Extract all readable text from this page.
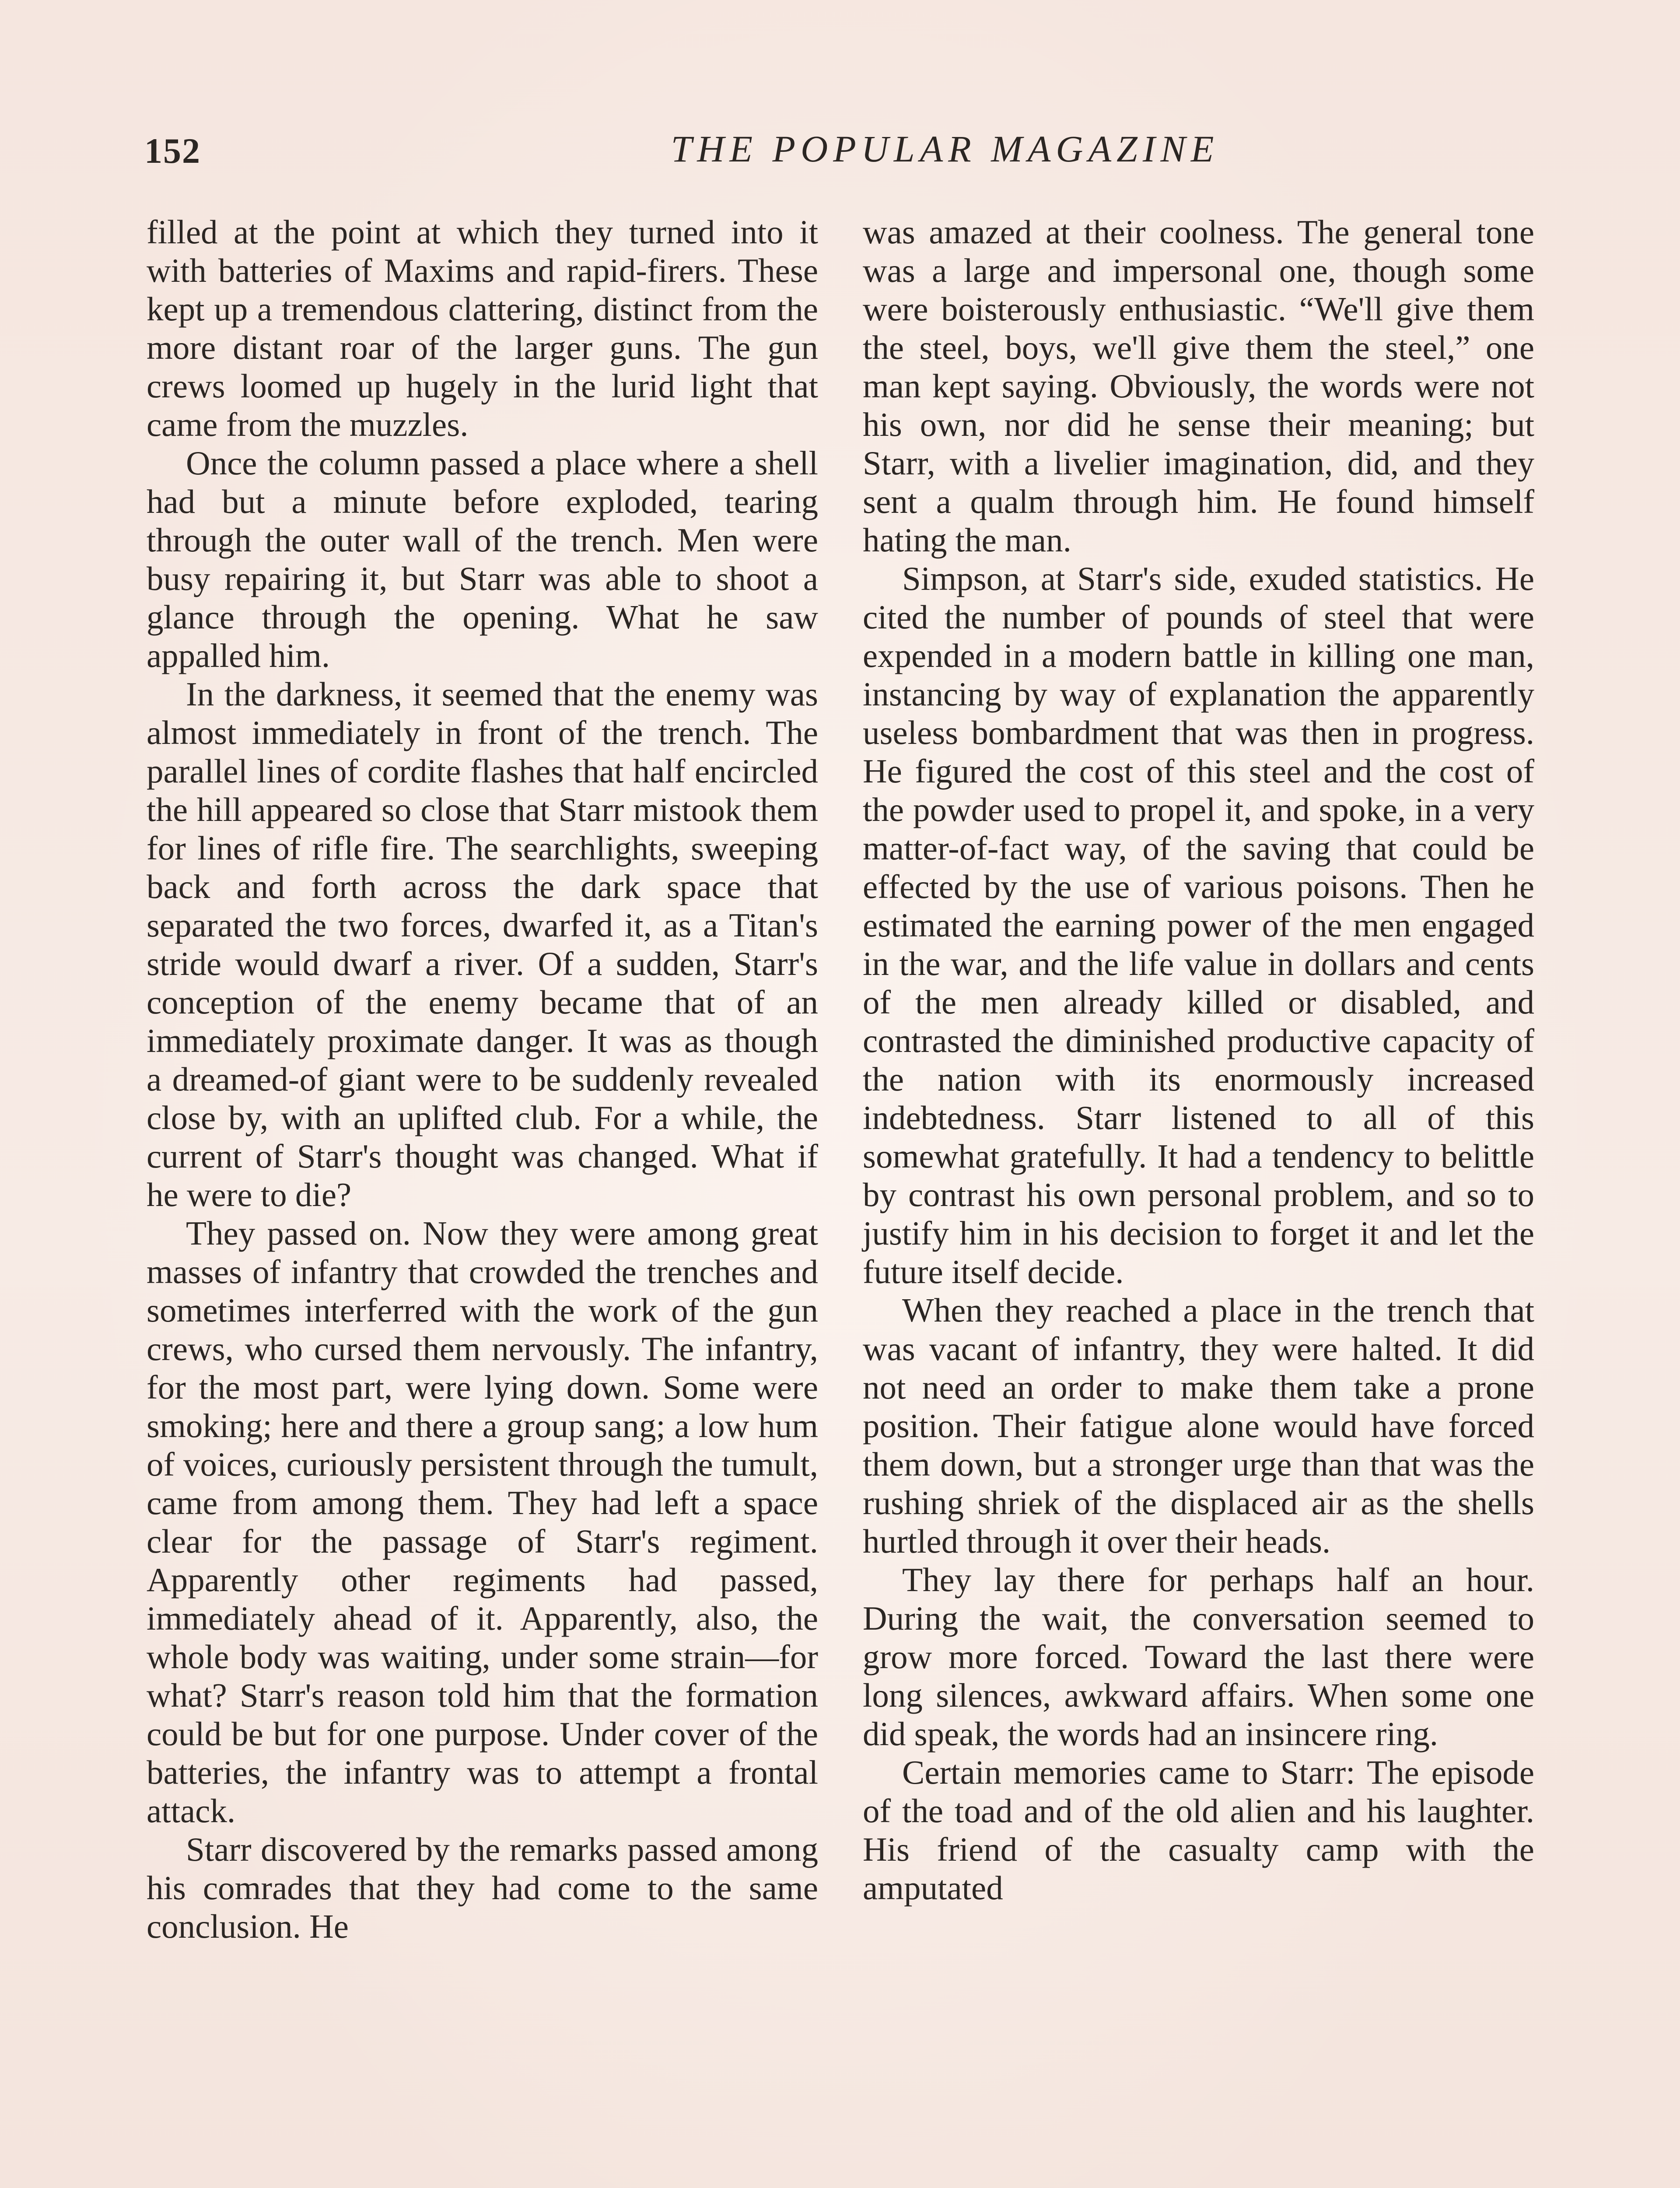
152	THE POPULAR MAGAZINE

filled at the point at which they turned into it with batteries of Maxims and rapid-firers. These kept up a tremendous clattering, distinct from the more distant roar of the larger guns. The gun crews loomed up hugely in the lurid light that came from the muzzles.

Once the column passed a place where a shell had but a minute before exploded, tearing through the outer wall of the trench. Men were busy repairing it, but Starr was able to shoot a glance through the opening. What he saw appalled him.

In the darkness, it seemed that the enemy was almost immediately in front of the trench. The parallel lines of cordite flashes that half encircled the hill appeared so close that Starr mistook them for lines of rifle fire. The searchlights, sweeping back and forth across the dark space that separated the two forces, dwarfed it, as a Titan's stride would dwarf a river. Of a sudden, Starr's conception of the enemy became that of an immediately proximate danger. It was as though a dreamed-of giant were to be suddenly revealed close by, with an uplifted club. For a while, the current of Starr's thought was changed. What if he were to die?

They passed on. Now they were among great masses of infantry that crowded the trenches and sometimes interferred with the work of the gun crews, who cursed them nervously. The infantry, for the most part, were lying down. Some were smoking; here and there a group sang; a low hum of voices, curiously persistent through the tumult, came from among them. They had left a space clear for the passage of Starr's regiment. Apparently other regiments had passed, immediately ahead of it. Apparently, also, the whole body was waiting, under some strain—for what? Starr's reason told him that the formation could be but for one purpose. Under cover of the batteries, the infantry was to attempt a frontal attack.

Starr discovered by the remarks passed among his comrades that they had come to the same conclusion. He

was amazed at their coolness. The general tone was a large and impersonal one, though some were boisterously enthusiastic. “We'll give them the steel, boys, we'll give them the steel,” one man kept saying. Obviously, the words were not his own, nor did he sense their meaning; but Starr, with a livelier imagination, did, and they sent a qualm through him. He found himself hating the man.

Simpson, at Starr's side, exuded statistics. He cited the number of pounds of steel that were expended in a modern battle in killing one man, instancing by way of explanation the apparently useless bombardment that was then in progress. He figured the cost of this steel and the cost of the powder used to propel it, and spoke, in a very matter-of-fact way, of the saving that could be effected by the use of various poisons. Then he estimated the earning power of the men engaged in the war, and the life value in dollars and cents of the men already killed or disabled, and contrasted the diminished productive capacity of the nation with its enormously increased indebtedness. Starr listened to all of this somewhat gratefully. It had a tendency to belittle by contrast his own personal problem, and so to justify him in his decision to forget it and let the future itself decide.

When they reached a place in the trench that was vacant of infantry, they were halted. It did not need an order to make them take a prone position. Their fatigue alone would have forced them down, but a stronger urge than that was the rushing shriek of the displaced air as the shells hurtled through it over their heads.

They lay there for perhaps half an hour. During the wait, the conversation seemed to grow more forced. Toward the last there were long silences, awkward affairs. When some one did speak, the words had an insincere ring.

Certain memories came to Starr: The episode of the toad and of the old alien and his laughter. His friend of the casualty camp with the amputated
